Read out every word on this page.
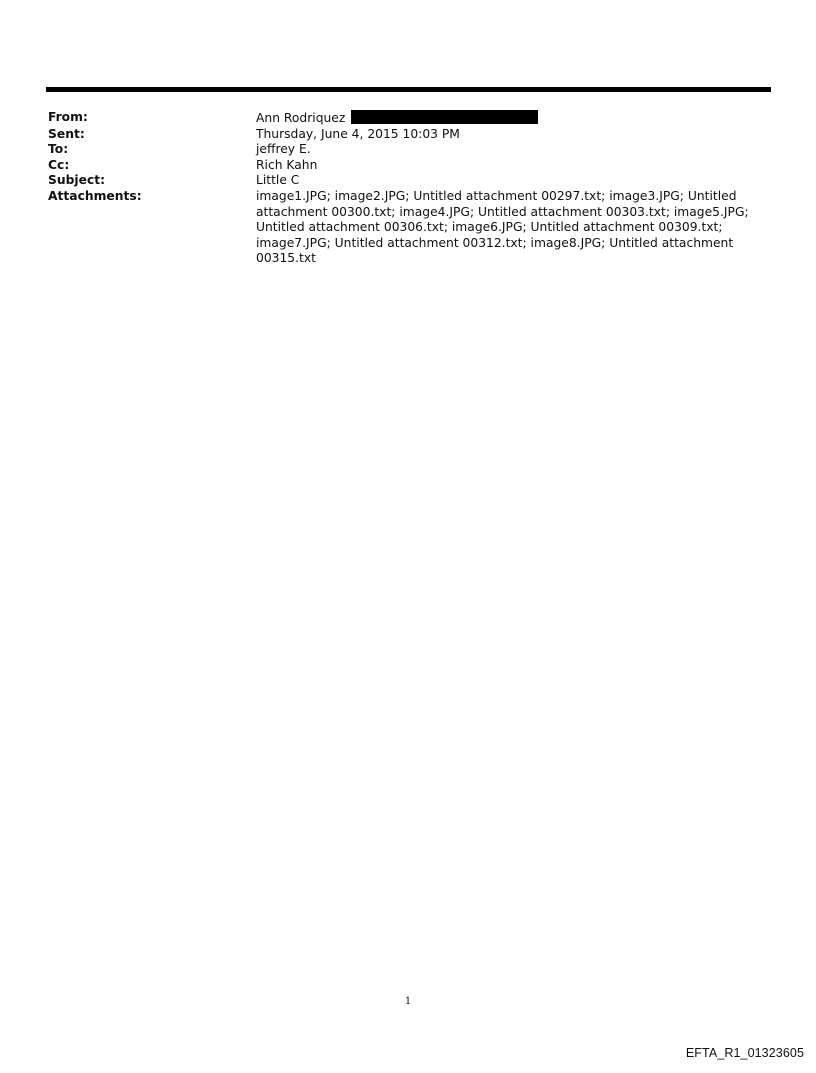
From:	Ann Rodriquez
Sent:	Thursday, June 4, 2015 10:03 PM
To:	jeffrey E.
Cc:	Rich Kahn
Subject:	Little C
Attachments:	image1.JPG; image2.JPG; Untitled attachment 00297.txt; image3.JPG; Untitled
attachment 00300.txt; image4.JPG; Untitled attachment 00303.txt; image5.JPG;
Untitled attachment 00306.txt; image6.JPG; Untitled attachment 00309.txt;
image7.JPG; Untitled attachment 00312.txt; image8.JPG; Untitled attachment 00315.txt
1
EFTA_R1_01323605
